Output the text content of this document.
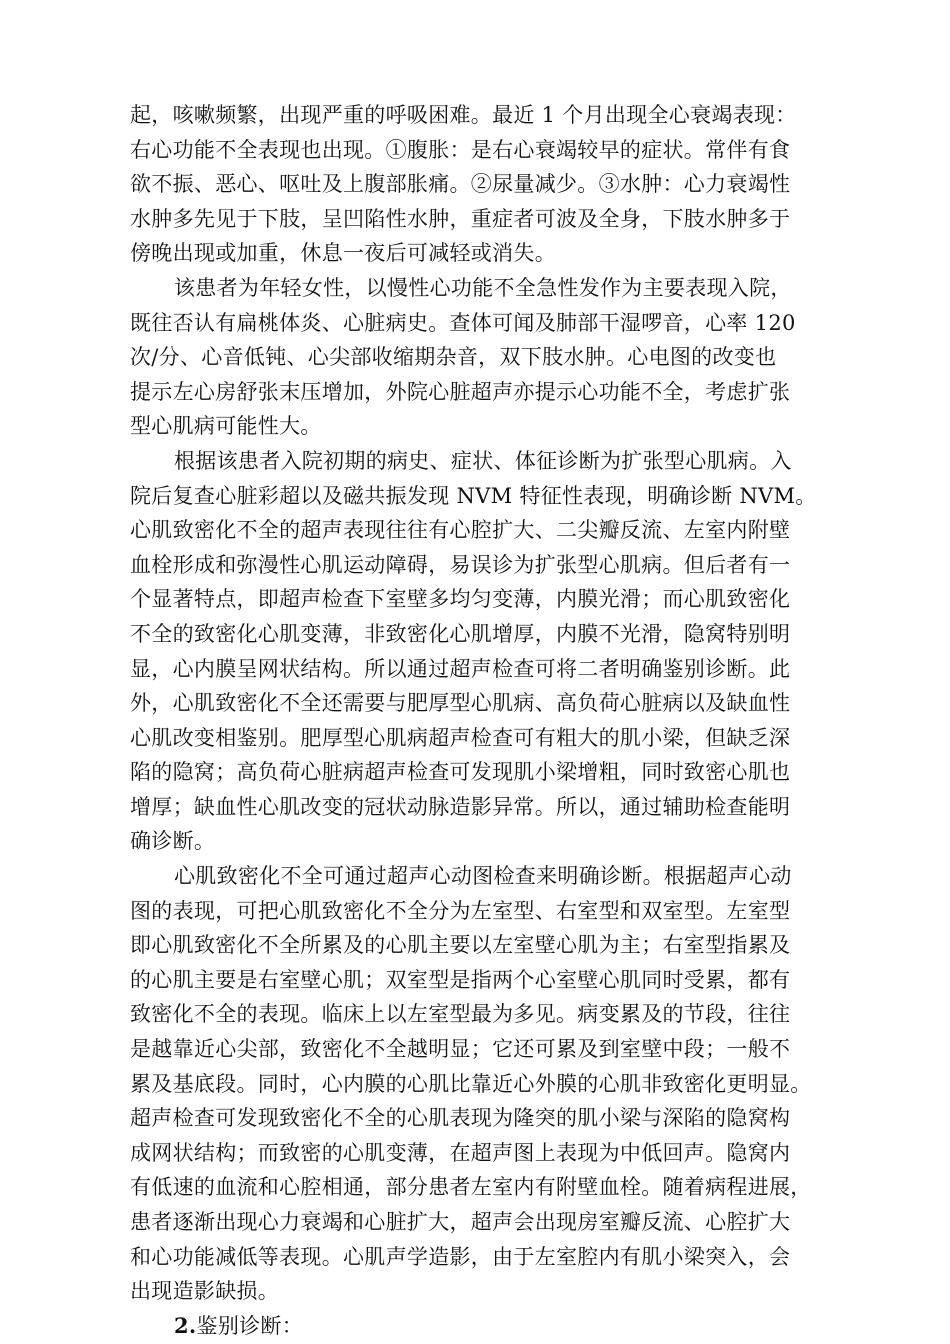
起，咳嗽频繁，出现严重的呼吸困难。最近 1 个月出现全心衰竭表现：
右心功能不全表现也出现。①腹胀：是右心衰竭较早的症状。常伴有食
欲不振、恶心、呕吐及上腹部胀痛。②尿量减少。③水肿：心力衰竭性
水肿多先见于下肢，呈凹陷性水肿，重症者可波及全身，下肢水肿多于
傍晚出现或加重，休息一夜后可减轻或消失。
该患者为年轻女性，以慢性心功能不全急性发作为主要表现入院，
既往否认有扁桃体炎、心脏病史。查体可闻及肺部干湿啰音，心率 120
次/分、心音低钝、心尖部收缩期杂音，双下肢水肿。心电图的改变也
提示左心房舒张末压增加，外院心脏超声亦提示心功能不全，考虑扩张
型心肌病可能性大。
根据该患者入院初期的病史、症状、体征诊断为扩张型心肌病。入
院后复查心脏彩超以及磁共振发现 NVM 特征性表现，明确诊断 NVM。
心肌致密化不全的超声表现往往有心腔扩大、二尖瓣反流、左室内附壁
血栓形成和弥漫性心肌运动障碍，易误诊为扩张型心肌病。但后者有一
个显著特点，即超声检查下室壁多均匀变薄，内膜光滑；而心肌致密化
不全的致密化心肌变薄，非致密化心肌增厚，内膜不光滑，隐窝特别明
显，心内膜呈网状结构。所以通过超声检查可将二者明确鉴别诊断。此
外，心肌致密化不全还需要与肥厚型心肌病、高负荷心脏病以及缺血性
心肌改变相鉴别。肥厚型心肌病超声检查可有粗大的肌小梁，但缺乏深
陷的隐窝；高负荷心脏病超声检查可发现肌小梁增粗，同时致密心肌也
增厚；缺血性心肌改变的冠状动脉造影异常。所以，通过辅助检查能明
确诊断。
心肌致密化不全可通过超声心动图检查来明确诊断。根据超声心动
图的表现，可把心肌致密化不全分为左室型、右室型和双室型。左室型
即心肌致密化不全所累及的心肌主要以左室壁心肌为主；右室型指累及
的心肌主要是右室壁心肌；双室型是指两个心室壁心肌同时受累，都有
致密化不全的表现。临床上以左室型最为多见。病变累及的节段，往往
是越靠近心尖部，致密化不全越明显；它还可累及到室壁中段；一般不
累及基底段。同时，心内膜的心肌比靠近心外膜的心肌非致密化更明显。
超声检查可发现致密化不全的心肌表现为隆突的肌小梁与深陷的隐窝构
成网状结构；而致密的心肌变薄，在超声图上表现为中低回声。隐窝内
有低速的血流和心腔相通，部分患者左室内有附壁血栓。随着病程进展，
患者逐渐出现心力衰竭和心脏扩大，超声会出现房室瓣反流、心腔扩大
和心功能减低等表现。心肌声学造影，由于左室腔内有肌小梁突入，会
出现造影缺损。
2.鉴别诊断：
